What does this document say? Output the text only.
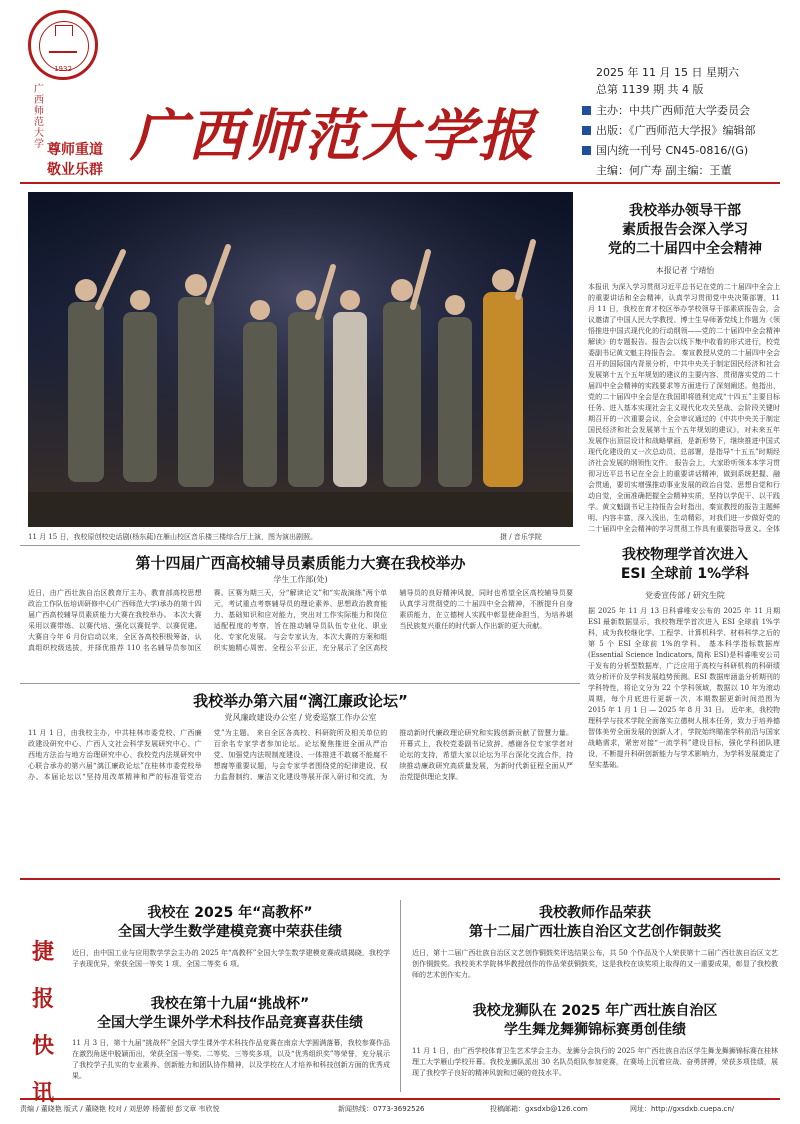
1932
广西师范大学 尊师重道
敬业乐群
广西师范大学报
2025 年 11 月 15 日 星期六
总第 1139 期 共 4 版
主办：中共广西师范大学委员会
出版：《广西师范大学报》编辑部
国内统一刊号 CN45-0816/(G)
主编：何广寿 副主编：王董
11 月 15 日，我校原创校史话剧(杨东蒓)在雁山校区音乐楼三楼综合厅上演，图为演出剧照。	摄 / 音乐学院
我校举办领导干部
素质报告会深入学习
党的二十届四中全会精神
本报记者 宁靖怡
本报讯 为深入学习贯彻习近平总书记在党的二十届四中全会上的重要讲话和全会精神，认真学习贯彻党中央决策部署，11 月 11 日，我校在育才校区举办学校领导干部素质报告会，会议邀请了中国人民大学教授、博士生导师著党线上作题为《领悟推进中国式现代化的行动纲领——党的二十届四中全会精神解读》的专题报告。报告会以线下集中收看的形式进行，校党委副书记黄文魁主持报告会。 秦宣教授从党的二十届四中全会召开的国际国内背景分析，中共中央关于制定国民经济和社会发展第十五个五年规划的建议的主要内容、贯彻落实党的二十届四中全会精神的实践要求等方面进行了深刻阐述。他指出，党的二十届四中全会是在我国即将胜利完成“十四五”主要目标任务、进入基本实现社会主义现代化攻关坚战、会阶段关键时期召开的一次重要会议，全会审议通过的《中共中央关于制定国民经济和社会发展第十五个五年规划的建议》，对未来五年发展作出顶层设计和战略擘画，是新形势下，继续推进中国式现代化建设的又一次总动员、总部署，是指导“十五五”时期经济社会发展的纲领性文件。 报告会上，大家聆听领本本学习贯彻习近平总书记在全会上的重要讲话精神，做到系统把握、融会贯通，要切实增强推动事业发展的政治自觉、思想自觉和行动自觉，全面准确把握全会精神实质，坚持以学促干、以干践学。黄文魁副书记主持报告会时指出，秦宣教授的报告主题鲜明、内容丰富，深入浅出，生动精彩，对我们进一步做好党的二十届四中全会精神的学习贯彻工作具有重要指导意义。全体
第十四届广西高校辅导员素质能力大赛在我校举办
学生工作部(处)
近日，由广西壮族自治区教育厅主办、教育部高校思想政治工作队伍培训研修中心(广西师范大学)承办的第十四届广西高校辅导员素质能力大赛在我校举办。 本次大赛采用以赛带练、以赛代培、强化以赛促学、以赛促建。大赛自今年 6 月份启动以来，全区各高校积极筹备，认真组织校级选拔，并择优推荐 110 名名辅导员参加区赛。区赛为期三天，分“解读论文”和“实战演练”两个单元，考试重点考察辅导员的理论素养、思想政治教育能力、基础知识和应对能力，突出对工作实际能力和岗位适配程度的考察，旨在推动辅导员队伍专业化、职业化、专家化发展。 与会专家认为，本次大赛的方案和组织实施精心周密、全程公平公正，充分展示了全区高校辅导员的良好精神风貌，同时也希望全区高校辅导员要认真学习贯彻党的二十届四中全会精神，不断提升自身素质能力，在立德树人实践中彰显使命担当，为培养堪当民族复兴重任的时代新人作出新的更大贡献。
我校举办第六届“漓江廉政论坛”
党风廉政建设办公室 / 党委巡察工作办公室
11 月 1 日，由我校主办，中共桂林市委党校、广西廉政建设研究中心、广西人文社会科学发展研究中心、广西地方法治与地方治理研究中心、我校党内法规研究中心联合承办的第六届“漓江廉政论坛”在桂林市委党校举办。本届论坛以“坚持用改革精神和严的标准管党治党”为主题。 来自全区各高校、科研院所及相关单位的百余名专家学者参加论坛。论坛聚焦推进全面从严治党、加强党内法规制度建设、一体推进不敢腐不能腐不想腐等重要议题，与会专家学者围绕党的纪律建设、权力监督制约、廉洁文化建设等展开深入研讨和交流，为推动新时代廉政理论研究和实践创新贡献了智慧力量。 开幕式上，我校党委副书记致辞，感谢各位专家学者对论坛的支持，希望大家以论坛为平台深化交流合作，持续推动廉政研究高质量发展，为新时代新征程全面从严治党提供理论支撑。
我校物理学首次进入
ESI 全球前 1%学科
党委宣传部 / 研究生院
据 2025 年 11 月 13 日科睿唯安公布的 2025 年 11 月期 ESI 最新数据显示，我校物理学首次进入 ESI 全球前 1%学科，成为我校继化学、工程学、计算机科学、材料科学之后的第 5 个 ESI 全球前 1%的学科。 基本科学指标数据库(Essential Science Indicators, 简称 ESI)是科睿唯安公司于发布的分析型数据库，广泛应用于高校与科研机构的科研绩效分析评价及学科发展趋势预测。ESI 数据库涵盖分析期刊的学科特性，将论文分为 22 个学科领域，数据以 10 年为滚动周期，每个月底进行更新一次，本期数据更新时间范围为 2015 年 1 月 1 日 — 2025 年 8 月 31 日。 近年来，我校物理科学与技术学院全面落实立德树人根本任务，致力于培养德智体美劳全面发展的创新人才，学院始终瞄准学科前沿与国家战略需求，紧密对接“一流学科”建设目标，强化学科团队建设，不断提升科研创新能力与学术影响力，为学科发展奠定了坚实基础。
捷
报
快
讯
我校在 2025 年“高教杯”
全国大学生数学建模竞赛中荣获佳绩
近日，由中国工业与应用数学学会主办的 2025 年“高教杯”全国大学生数学建模竞赛成绩揭晓，我校学子表现优异，荣获全国一等奖 1 项、全国二等奖 6 项。
我校在第十九届“挑战杯”
全国大学生课外学术科技作品竞赛喜获佳绩
11 月 3 日，第十九届“挑战杯”全国大学生课外学术科技作品竞赛在南京大学圆满落幕，我校参赛作品在激烈角逐中脱颖而出，荣获全国一等奖、二等奖、三等奖多项，以及“优秀组织奖”等荣誉，充分展示了我校学子扎实的专业素养、创新能力和团队协作精神，以及学校在人才培养和科技创新方面的优秀成果。
我校教师作品荣获
第十二届广西壮族自治区文艺创作铜鼓奖
近日，第十二届广西壮族自治区文艺创作铜鼓奖评选结果公布，共 50 个作品及个人荣获第十二届广西壮族自治区文艺创作铜鼓奖。我校美术学院林华教授创作的作品荣获铜鼓奖，这是我校在该奖项上取得的又一重要成果，彰显了我校教师的艺术创作实力。
我校龙狮队在 2025 年广西壮族自治区
学生舞龙舞狮锦标赛勇创佳绩
11 月 1 日，由广西学校体育卫生艺术学会主办，龙狮分会执行的 2025 年广西壮族自治区学生舞龙舞狮锦标赛在桂林理工大学雁山学校开幕。我校龙狮队派出 30 名队员组队参加竞赛，在赛场上沉着应战、奋勇拼搏，荣获多项佳绩，展现了我校学子良好的精神风貌和过硬的竞技水平。
责编 / 董晓艳 版式 / 董晓艳 校对 / 刘思婷 杨蕾昶 彭文章 韦欣悦	新闻热线：0773-3692526	投稿邮箱：gxsdxb@126.com	网址：http://gxsdxb.cuepa.cn/
